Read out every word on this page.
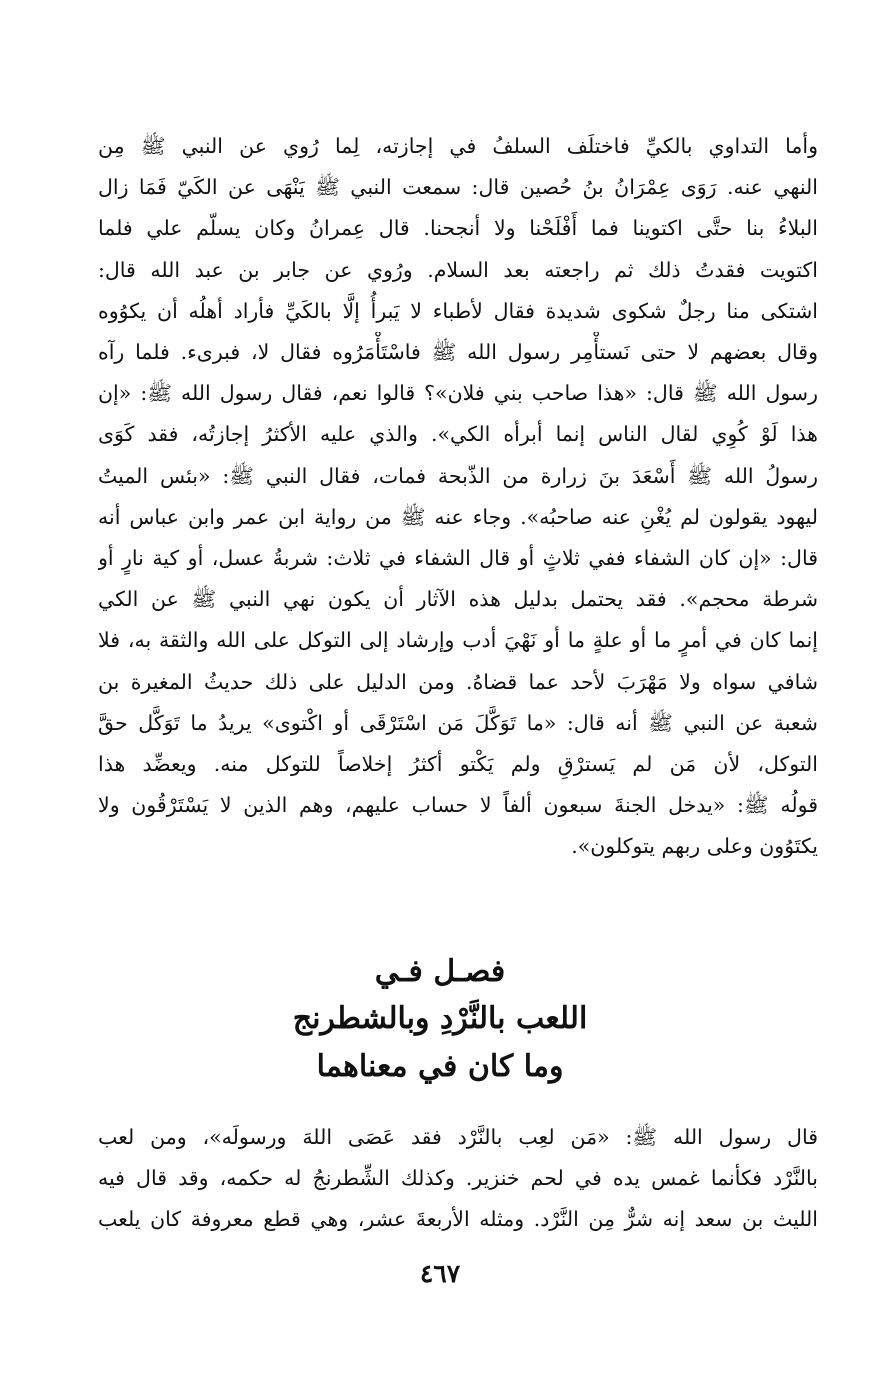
وأما التداوي بالكيِّ فاختلَف السلفُ في إجازته، لِما رُوي عن النبي ﷺ مِن
النهي عنه. رَوَى عِمْرَانُ بنُ حُصين قال: سمعت النبي ﷺ يَنْهَى عن الكَيّ فَمَا زال
البلاءُ بنا حتَّى اكتوينا فما أَفْلَحْنا ولا أنجحنا. قال عِمرانُ وكان يسلّم علي فلما
اكتويت فقدتُ ذلك ثم راجعته بعد السلام. ورُوي عن جابر بن عبد الله قال:
اشتكى منا رجلٌ شكوى شديدة فقال لأطباء لا يَبرأُ إلَّا بالكَيِّ فأراد أهلُه أن يكوُوه
وقال بعضهم لا حتى نَستأْمِر رسول الله ﷺ فاسْتَأْمَرُوه فقال لا، فبرىء. فلما رآه
رسول الله ﷺ قال: «هذا صاحب بني فلان»؟ قالوا نعم، فقال رسول الله ﷺ: «إن
هذا لَوْ كُوِي لقال الناس إنما أبرأه الكي». والذي عليه الأكثرُ إجازتُه، فقد كَوَى
رسولُ الله ﷺ أَسْعَدَ بنَ زرارة من الذّبحة فمات، فقال النبي ﷺ: «بئس الميتُ
ليهود يقولون لم يُغْنِ عنه صاحبُه». وجاء عنه ﷺ من رواية ابن عمر وابن عباس أنه
قال: «إن كان الشفاء ففي ثلاثٍ أو قال الشفاء في ثلاث: شربةُ عسل، أو كية نارٍ أو
شرطة محجم». فقد يحتمل بدليل هذه الآثار أن يكون نهي النبي ﷺ عن الكي
إنما كان في أمرٍ ما أو علةٍ ما أو نَهْيَ أدب وإرشاد إلى التوكل على الله والثقة به، فلا
شافي سواه ولا مَهْرَبَ لأحد عما قضاهُ. ومن الدليل على ذلك حديثُ المغيرة بن
شعبة عن النبي ﷺ أنه قال: «ما تَوَكَّلَ مَن اسْتَرْقَى أو اكْتوى» يريدُ ما تَوَكَّل حقَّ
التوكل، لأن مَن لم يَسترْقِ ولم يَكْتو أكثرُ إخلاصاً للتوكل منه. ويعضِّد هذا
قولُه ﷺ: «يدخل الجنةَ سبعون ألفاً لا حساب عليهم، وهم الذين لا يَسْتَرْقُون ولا
يكتَوُون وعلى ربهم يتوكلون».
فصـل فـي
اللعب بالنَّرْدِ وبالشطرنج
وما كان في معناهما
قال رسول الله ﷺ: «مَن لعِب بالنَّرْد فقد عَصَى اللهَ ورسولَه»، ومن لعب
بالنَّرْد فكأنما غمس يده في لحم خنزير. وكذلك الشِّطرنجُ له حكمه، وقد قال فيه
الليث بن سعد إنه شرٌّ مِن النَّرْد. ومثله الأربعةَ عشر، وهي قطع معروفة كان يلعب
٤٦٧
